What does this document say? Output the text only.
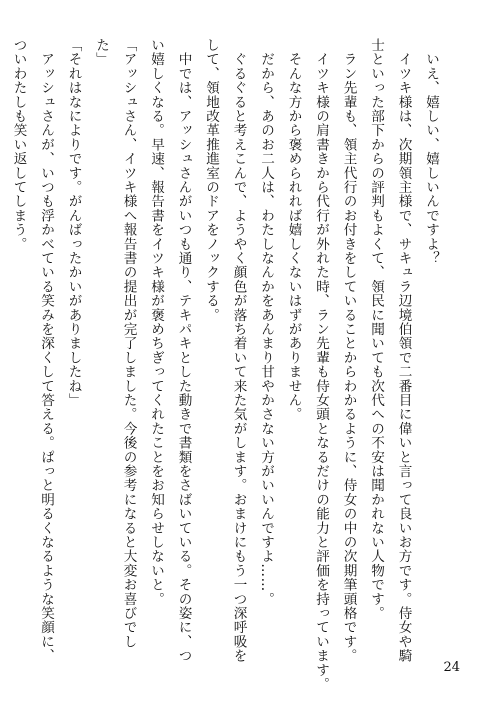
　いえ、嬉しい、嬉しいんですよ？

　イツキ様は、次期領主様で、サキュラ辺境伯領で二番目に偉いと言って良いお方です。侍女や騎

士といった部下からの評判もよくて、領民に聞いても次代への不安は聞かれない人物です。

　ラン先輩も、領主代行のお付きをしていることからわかるように、侍女の中の次期筆頭格です。

　イツキ様の肩書きから代行が外れた時、ラン先輩も侍女頭となるだけの能力と評価を持っています。

　そんな方から褒められれば嬉しくないはずがありません。

　だから、あのお二人は、わたしなんかをあんまり甘やかさない方がいいんですよ……。

　ぐるぐると考えこんで、ようやく顔色が落ち着いて来た気がします。おまけにもう一つ深呼吸を

して、領地改革推進室のドアをノックする。

　中では、アッシュさんがいつも通り、テキパキとした動きで書類をさばいている。その姿に、つ

い嬉しくなる。早速、報告書をイツキ様が褒めちぎってくれたことをお知らせしないと。

「アッシュさん、イツキ様へ報告書の提出が完了しました。今後の参考になると大変お喜びでし

た」

「それはなによりです。がんばったかいがありましたね」

　アッシュさんが、いつも浮かべている笑みを深くして答える。ぱっと明るくなるような笑顔に、

ついわたしも笑い返してしまう。

24
